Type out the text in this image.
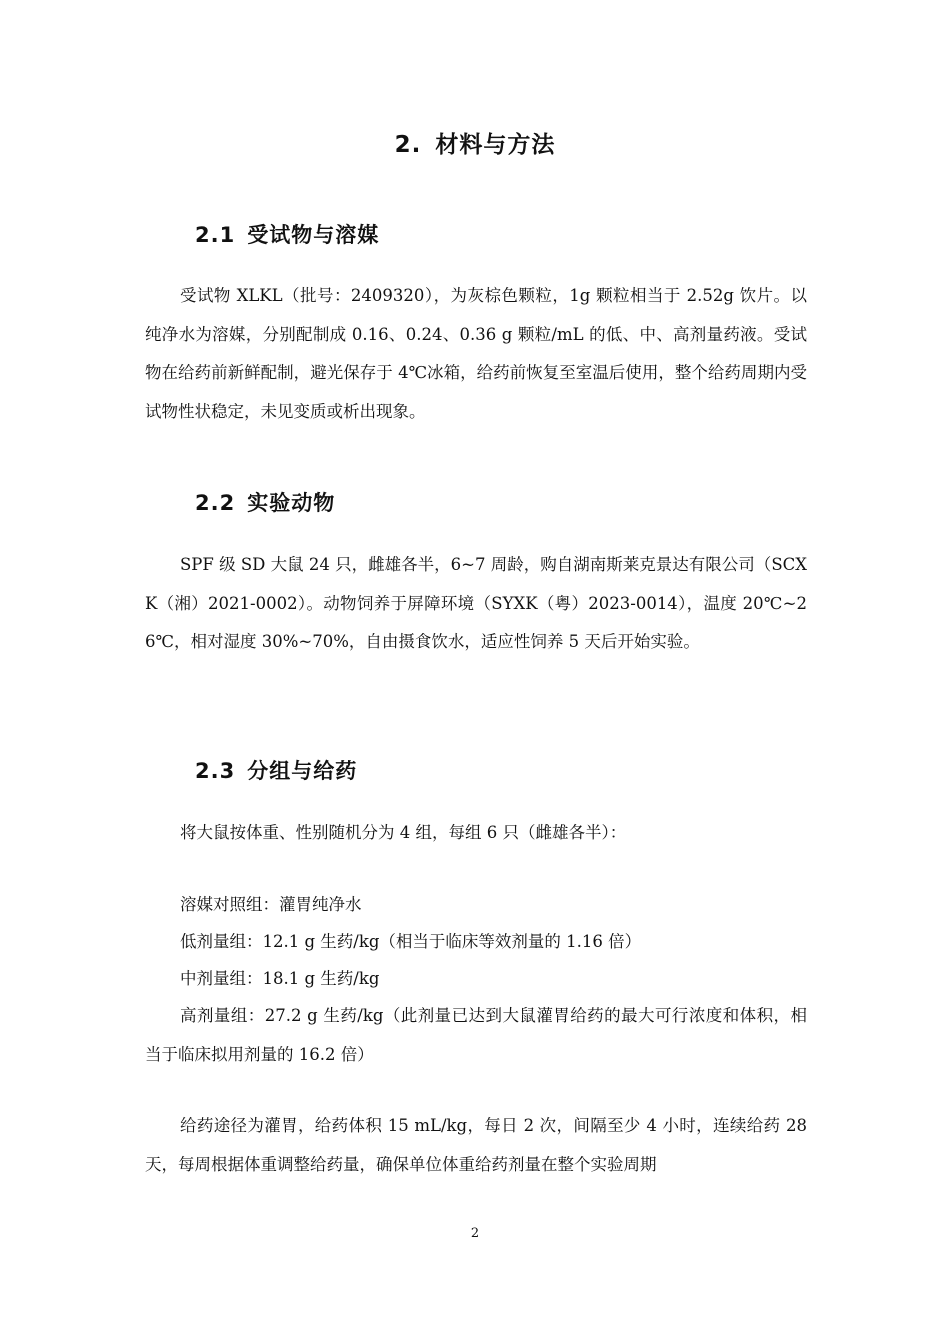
2. 材料与方法
2.1 受试物与溶媒
受试物 XLKL（批号：2409320），为灰棕色颗粒，1g 颗粒相当于 2.52g 饮片。以纯净水为溶媒，分别配制成 0.16、0.24、0.36 g 颗粒/mL 的低、中、高剂量药液。受试物在给药前新鲜配制，避光保存于 4℃冰箱，给药前恢复至室温后使用，整个给药周期内受试物性状稳定，未见变质或析出现象。
2.2 实验动物
SPF 级 SD 大鼠 24 只，雌雄各半，6~7 周龄，购自湖南斯莱克景达有限公司（SCXK（湘）2021-0002）。动物饲养于屏障环境（SYXK（粤）2023-0014），温度 20℃~26℃，相对湿度 30%~70%，自由摄食饮水，适应性饲养 5 天后开始实验。
2.3 分组与给药
将大鼠按体重、性别随机分为 4 组，每组 6 只（雌雄各半）：
溶媒对照组：灌胃纯净水
低剂量组：12.1 g 生药/kg（相当于临床等效剂量的 1.16 倍）
中剂量组：18.1 g 生药/kg
高剂量组：27.2 g 生药/kg（此剂量已达到大鼠灌胃给药的最大可行浓度和体积，相当于临床拟用剂量的 16.2 倍）
给药途径为灌胃，给药体积 15 mL/kg，每日 2 次，间隔至少 4 小时，连续给药 28 天，每周根据体重调整给药量，确保单位体重给药剂量在整个实验周期
2
